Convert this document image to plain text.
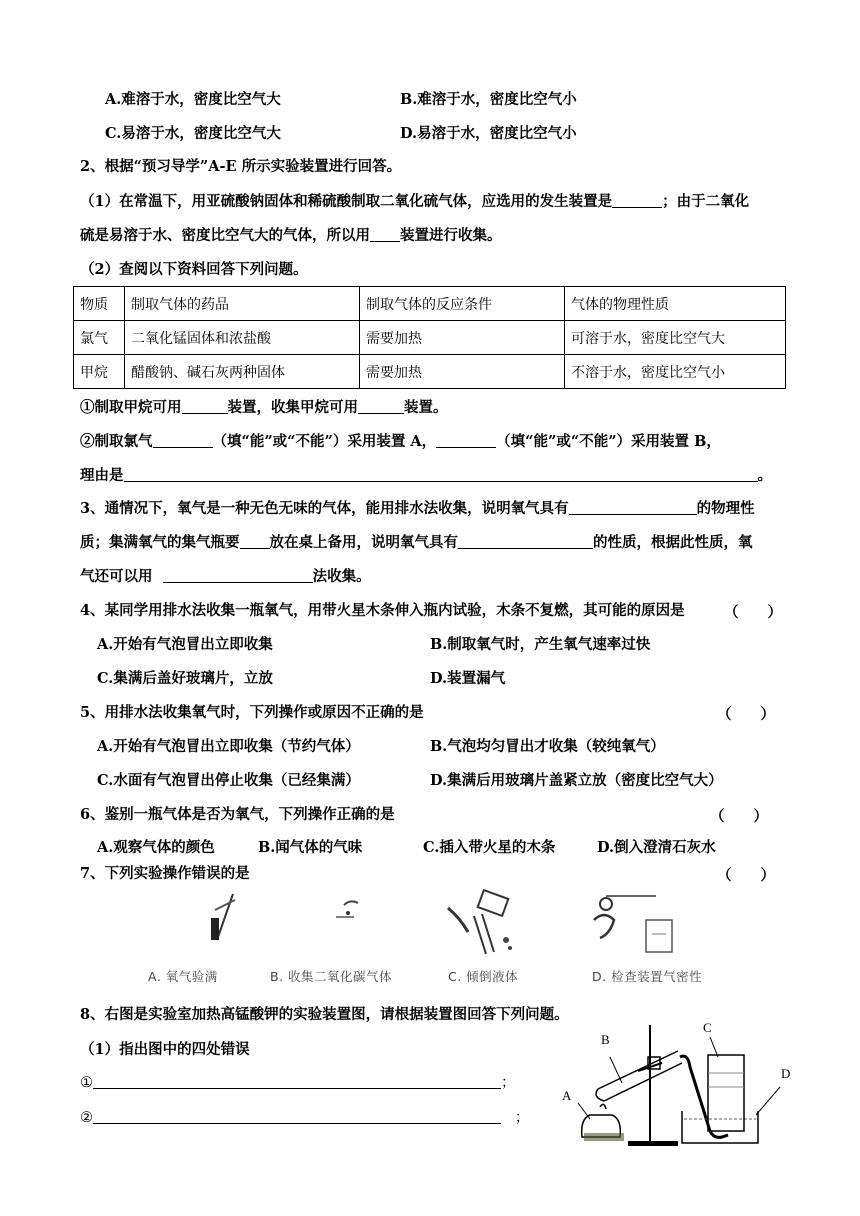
A.难溶于水，密度比空气大	B.难溶于水，密度比空气小
C.易溶于水，密度比空气大	D.易溶于水，密度比空气小
2、根据“预习导学”A-E 所示实验装置进行回答。
（1）在常温下，用亚硫酸钠固体和稀硫酸制取二氧化硫气体，应选用的发生装置是	；由于二氧化
硫是易溶于水、密度比空气大的气体，所以用 装置进行收集。
（2）查阅以下资料回答下列问题。
物质	制取气体的药品	制取气体的反应条件	气体的物理性质
氯气	二氧化锰固体和浓盐酸	需要加热	可溶于水，密度比空气大
甲烷	醋酸钠、碱石灰两种固体	需要加热	不溶于水，密度比空气小
①制取甲烷可用	装置，收集甲烷可用	装置。
②制取氯气	（填“能”或“不能”）采用装置 A，	（填“能”或“不能”）采用装置 B，
理由是	。
3、通情况下，氧气是一种无色无味的气体，能用排水法收集，说明氧气具有	的物理性
质；集满氧气的集气瓶要 放在桌上备用，说明氧气具有	的性质，根据此性质，氧
气还可以用	法收集。
4、某同学用排水法收集一瓶氧气，用带火星木条伸入瓶内试验，木条不复燃，其可能的原因是	（　　）
A.开始有气泡冒出立即收集	B.制取氧气时，产生氧气速率过快
C.集满后盖好玻璃片，立放	D.装置漏气
5、用排水法收集氧气时，下列操作或原因不正确的是	（　　）
A.开始有气泡冒出立即收集（节约气体）	B.气泡均匀冒出才收集（较纯氧气）
C.水面有气泡冒出停止收集（已经集满）	D.集满后用玻璃片盖紧立放（密度比空气大）
6、鉴别一瓶气体是否为氧气，下列操作正确的是	（　　）
A.观察气体的颜色	B.闻气体的气味	C.插入带火星的木条	D.倒入澄清石灰水
7、下列实验操作错误的是	（　　）
A. 氧气验满	B. 收集二氧化碳气体	C. 倾倒液体	D. 检查装置气密性
8、右图是实验室加热高锰酸钾的实验装置图，请根据装置图回答下列问题。
（1）指出图中的四处错误
①	；
②	；
B
C
D
A
